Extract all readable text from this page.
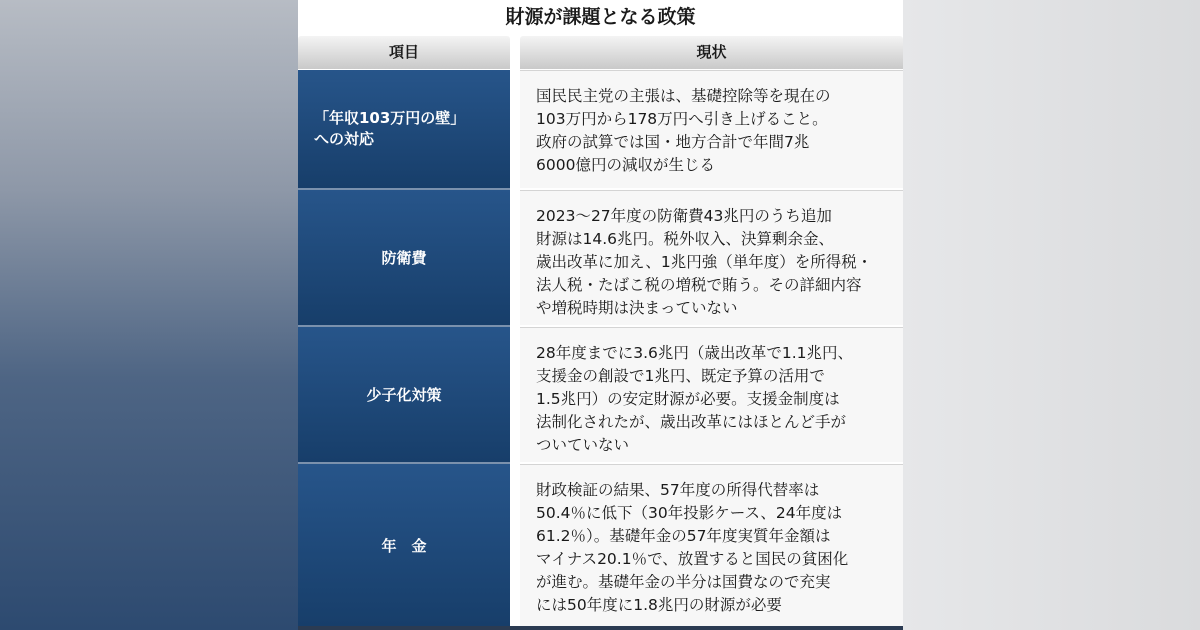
財源が課題となる政策
項目	現状
「年収103万円の壁」
への対応
国民民主党の主張は、基礎控除等を現在の
103万円から178万円へ引き上げること。
政府の試算では国・地方合計で年間7兆
6000億円の減収が生じる
防衛費
2023～27年度の防衛費43兆円のうち追加
財源は14.6兆円。税外収入、決算剰余金、
歳出改革に加え、1兆円強（単年度）を所得税・
法人税・たばこ税の増税で賄う。その詳細内容
や増税時期は決まっていない
少子化対策
28年度までに3.6兆円（歳出改革で1.1兆円、
支援金の創設で1兆円、既定予算の活用で
1.5兆円）の安定財源が必要。支援金制度は
法制化されたが、歳出改革にはほとんど手が
ついていない
年　金
財政検証の結果、57年度の所得代替率は
50.4％に低下（30年投影ケース、24年度は
61.2％）。基礎年金の57年度実質年金額は
マイナス20.1％で、放置すると国民の貧困化
が進む。基礎年金の半分は国費なので充実
には50年度に1.8兆円の財源が必要
